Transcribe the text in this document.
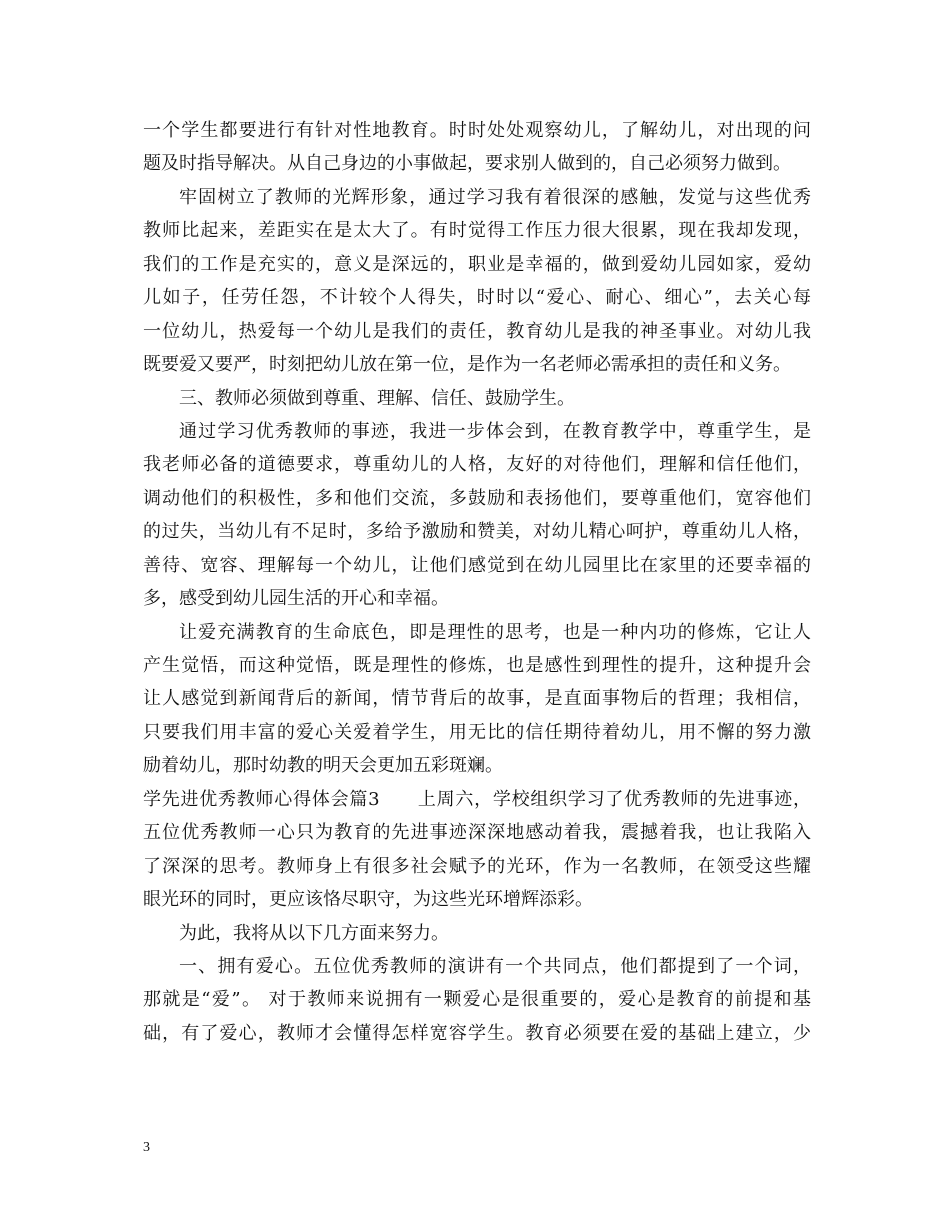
一个学生都要进行有针对性地教育。时时处处观察幼儿，了解幼儿，对出现的问
题及时指导解决。从自己身边的小事做起，要求别人做到的，自己必须努力做到。
牢固树立了教师的光辉形象，通过学习我有着很深的感触，发觉与这些优秀
教师比起来，差距实在是太大了。有时觉得工作压力很大很累，现在我却发现，
我们的工作是充实的，意义是深远的，职业是幸福的，做到爱幼儿园如家，爱幼
儿如子，任劳任怨，不计较个人得失，时时以“爱心、耐心、细心”，去关心每
一位幼儿，热爱每一个幼儿是我们的责任，教育幼儿是我的神圣事业。对幼儿我
既要爱又要严，时刻把幼儿放在第一位，是作为一名老师必需承担的责任和义务。
三、教师必须做到尊重、理解、信任、鼓励学生。
通过学习优秀教师的事迹，我进一步体会到，在教育教学中，尊重学生，是
我老师必备的道德要求，尊重幼儿的人格，友好的对待他们，理解和信任他们，
调动他们的积极性，多和他们交流，多鼓励和表扬他们，要尊重他们，宽容他们
的过失，当幼儿有不足时，多给予激励和赞美，对幼儿精心呵护，尊重幼儿人格，
善待、宽容、理解每一个幼儿，让他们感觉到在幼儿园里比在家里的还要幸福的
多，感受到幼儿园生活的开心和幸福。
让爱充满教育的生命底色，即是理性的思考，也是一种内功的修炼，它让人
产生觉悟，而这种觉悟，既是理性的修炼，也是感性到理性的提升，这种提升会
让人感觉到新闻背后的新闻，情节背后的故事，是直面事物后的哲理；我相信，
只要我们用丰富的爱心关爱着学生，用无比的信任期待着幼儿，用不懈的努力激
励着幼儿，那时幼教的明天会更加五彩斑斓。
学先进优秀教师心得体会篇3　　上周六，学校组织学习了优秀教师的先进事迹，
五位优秀教师一心只为教育的先进事迹深深地感动着我，震撼着我，也让我陷入
了深深的思考。教师身上有很多社会赋予的光环，作为一名教师，在领受这些耀
眼光环的同时，更应该恪尽职守，为这些光环增辉添彩。
为此，我将从以下几方面来努力。
一、拥有爱心。五位优秀教师的演讲有一个共同点，他们都提到了一个词，
那就是“爱”。 对于教师来说拥有一颗爱心是很重要的，爱心是教育的前提和基
础，有了爱心，教师才会懂得怎样宽容学生。教育必须要在爱的基础上建立，少
3
